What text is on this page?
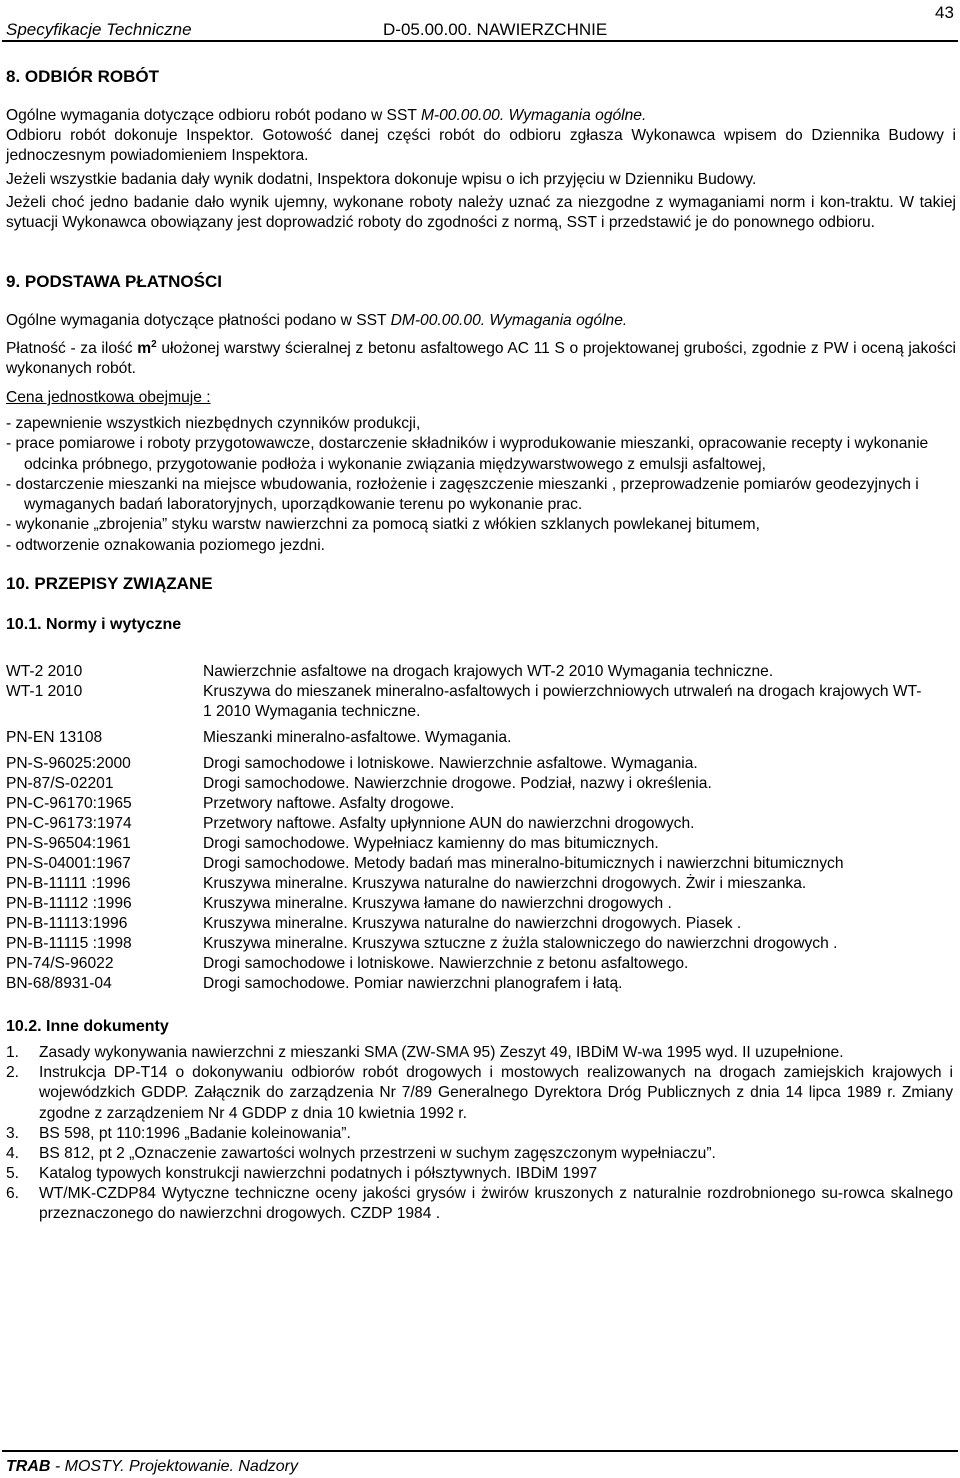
Specyfikacje Techniczne	D-05.00.00. NAWIERZCHNIE
43
8. ODBIÓR ROBÓT
Ogólne wymagania dotyczące odbioru robót podano w SST M-00.00.00. Wymagania ogólne.
Odbioru robót dokonuje Inspektor. Gotowość danej części robót do odbioru zgłasza Wykonawca wpisem do Dziennika Budowy i jednoczesnym powiadomieniem Inspektora.
Jeżeli wszystkie badania dały wynik dodatni, Inspektora dokonuje wpisu o ich przyjęciu w Dzienniku Budowy.
Jeżeli choć jedno badanie dało wynik ujemny, wykonane roboty należy uznać za niezgodne z wymaganiami norm i kon-traktu. W takiej sytuacji Wykonawca obowiązany jest doprowadzić roboty do zgodności z normą, SST i przedstawić je do ponownego odbioru.
9. PODSTAWA PŁATNOŚCI
Ogólne wymagania dotyczące płatności podano w SST DM-00.00.00. Wymagania ogólne.
Płatność - za ilość $m^2$ ułożonej warstwy ścieralnej z betonu asfaltowego AC 11 S o projektowanej grubości, zgodnie z PW i oceną jakości wykonanych robót.
Cena jednostkowa obejmuje :
- zapewnienie wszystkich niezbędnych czynników produkcji,
- prace pomiarowe i roboty przygotowawcze, dostarczenie składników i wyprodukowanie mieszanki, opracowanie recepty i wykonanie odcinka próbnego, przygotowanie podłoża i wykonanie związania międzywarstwowego z emulsji asfaltowej,
- dostarczenie mieszanki na miejsce wbudowania, rozłożenie i zagęszczenie mieszanki , przeprowadzenie pomiarów geodezyjnych i wymaganych badań laboratoryjnych, uporządkowanie terenu po wykonanie prac.
- wykonanie „zbrojenia” styku warstw nawierzchni za pomocą siatki z włókien szklanych powlekanej bitumem,
- odtworzenie oznakowania poziomego jezdni.
10. PRZEPISY ZWIĄZANE
10.1. Normy i wytyczne
WT-2 2010	Nawierzchnie asfaltowe na drogach krajowych WT-2 2010 Wymagania techniczne.
WT-1 2010	Kruszywa do mieszanek mineralno-asfaltowych i powierzchniowych utrwaleń na drogach krajowych WT-1 2010 Wymagania techniczne.
PN-EN 13108	Mieszanki mineralno-asfaltowe. Wymagania.
PN-S-96025:2000	Drogi samochodowe i lotniskowe. Nawierzchnie asfaltowe. Wymagania.
PN-87/S-02201	Drogi samochodowe. Nawierzchnie drogowe. Podział, nazwy i określenia.
PN-C-96170:1965	Przetwory naftowe. Asfalty drogowe.
PN-C-96173:1974	Przetwory naftowe. Asfalty upłynnione AUN do nawierzchni drogowych.
PN-S-96504:1961	Drogi samochodowe. Wypełniacz kamienny do mas bitumicznych.
PN-S-04001:1967	Drogi samochodowe. Metody badań mas mineralno-bitumicznych i nawierzchni bitumicznych
PN-B-11111 :1996	Kruszywa mineralne. Kruszywa naturalne do nawierzchni drogowych. Żwir i mieszanka.
PN-B-11112 :1996	Kruszywa mineralne. Kruszywa łamane do nawierzchni drogowych .
PN-B-11113:1996	Kruszywa mineralne. Kruszywa naturalne do nawierzchni drogowych. Piasek .
PN-B-11115 :1998	Kruszywa mineralne. Kruszywa sztuczne z żużla stalowniczego do nawierzchni drogowych .
PN-74/S-96022	Drogi samochodowe i lotniskowe. Nawierzchnie z betonu asfaltowego.
BN-68/8931-04	Drogi samochodowe. Pomiar nawierzchni planografem i łatą.
10.2. Inne dokumenty
1. Zasady wykonywania nawierzchni z mieszanki SMA (ZW-SMA 95) Zeszyt 49, IBDiM W-wa 1995 wyd. II uzupełnione.
2. Instrukcja DP-T14 o dokonywaniu odbiorów robót drogowych i mostowych realizowanych na drogach zamiejskich krajowych i wojewódzkich GDDP. Załącznik do zarządzenia Nr 7/89 Generalnego Dyrektora Dróg Publicznych z dnia 14 lipca 1989 r. Zmiany zgodne z zarządzeniem Nr 4 GDDP z dnia 10 kwietnia 1992 r.
3. BS 598, pt 110:1996 „Badanie koleinowania”.
4. BS 812, pt 2 „Oznaczenie zawartości wolnych przestrzeni w suchym zagęszczonym wypełniaczu”.
5. Katalog typowych konstrukcji nawierzchni podatnych i półsztywnych. IBDiM 1997
6. WT/MK-CZDP84 Wytyczne techniczne oceny jakości grysów i żwirów kruszonych z naturalnie rozdrobnionego su-rowca skalnego przeznaczonego do nawierzchni drogowych. CZDP 1984 .
TRAB - MOSTY. Projektowanie. Nadzory
